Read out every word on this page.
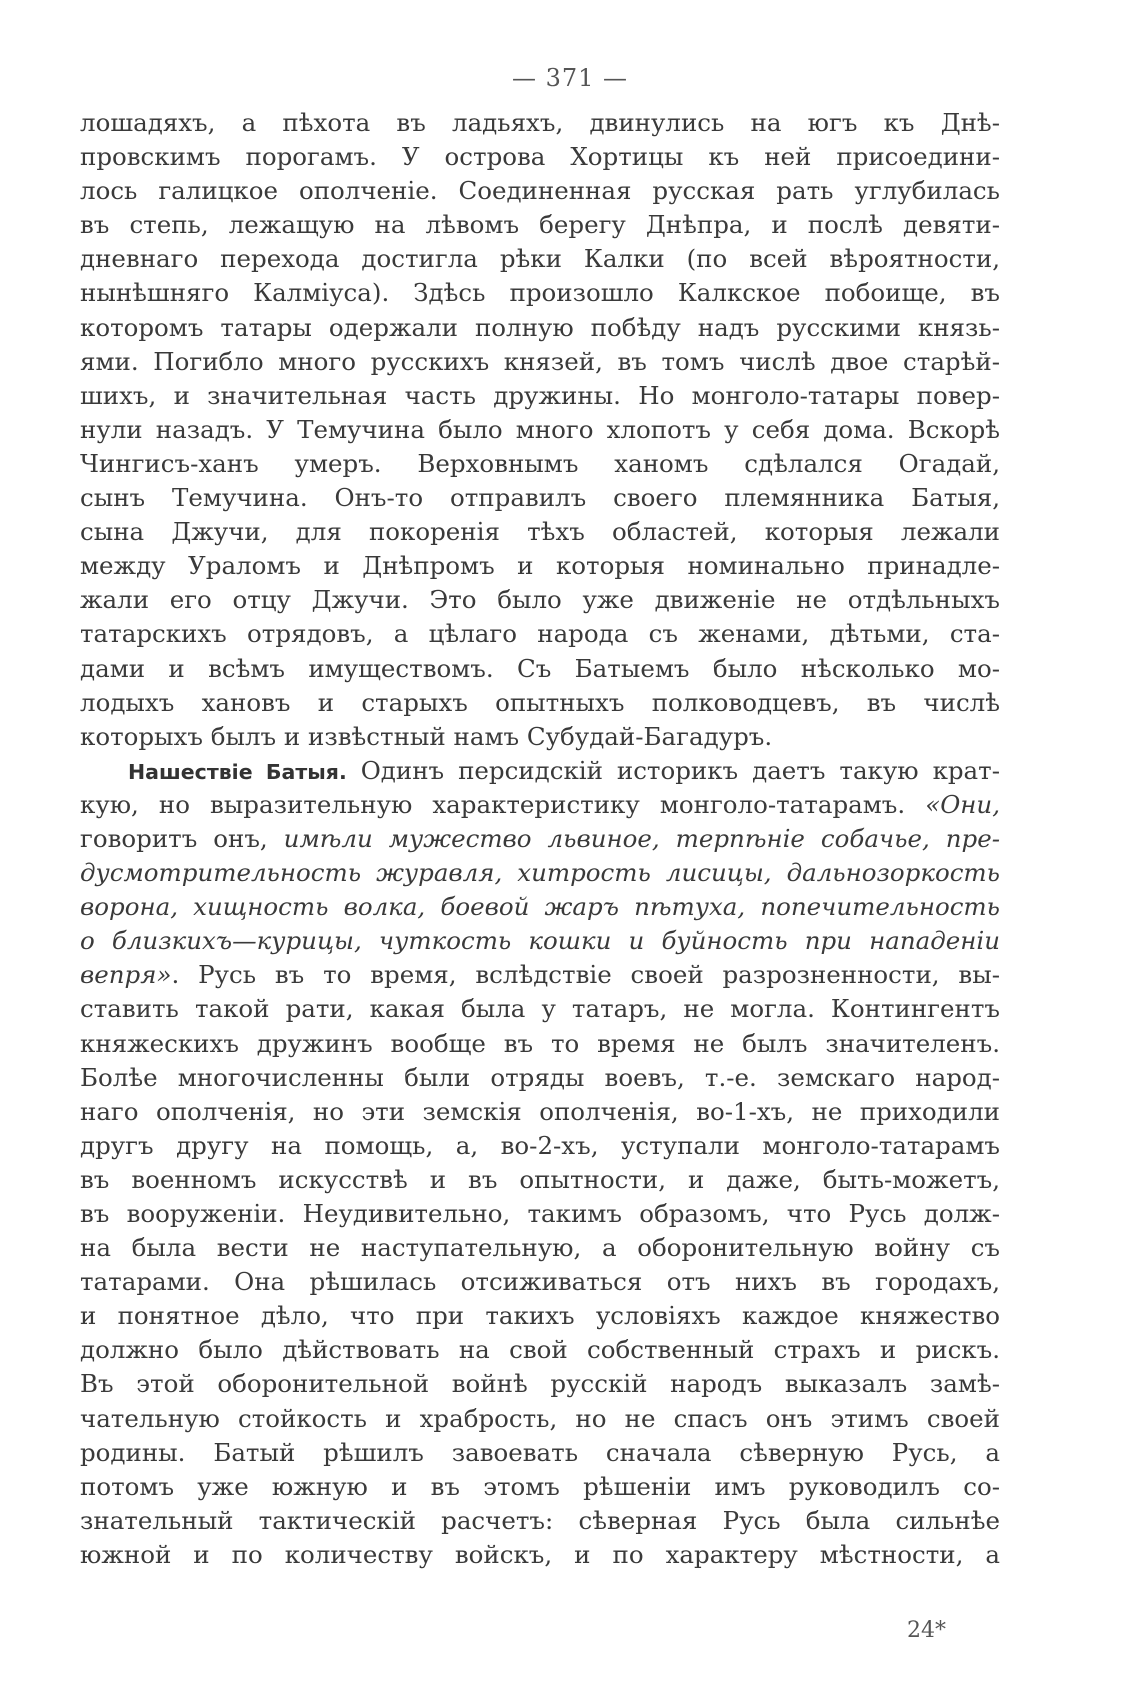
— 371 —
лошадяхъ, а пѣхота въ ладьяхъ, двинулись на югъ къ Днѣ-
провскимъ порогамъ. У острова Хортицы къ ней присоедини-
лось галицкое ополченіе. Соединенная русская рать углубилась
въ степь, лежащую на лѣвомъ берегу Днѣпра, и послѣ девяти-
дневнаго перехода достигла рѣки Калки (по всей вѣроятности,
нынѣшняго Калміуса). Здѣсь произошло Калкское побоище, въ
которомъ татары одержали полную побѣду надъ русскими князь-
ями. Погибло много русскихъ князей, въ томъ числѣ двое старѣй-
шихъ, и значительная часть дружины. Но монголо-татары повер-
нули назадъ. У Темучина было много хлопотъ у себя дома. Вскорѣ
Чингисъ-ханъ умеръ. Верховнымъ ханомъ сдѣлался Огадай,
сынъ Темучина. Онъ-то отправилъ своего племянника Батыя,
сына Джучи, для покоренія тѣхъ областей, которыя лежали
между Ураломъ и Днѣпромъ и которыя номинально принадле-
жали его отцу Джучи. Это было уже движеніе не отдѣльныхъ
татарскихъ отрядовъ, а цѣлаго народа съ женами, дѣтьми, ста-
дами и всѣмъ имуществомъ. Съ Батыемъ было нѣсколько мо-
лодыхъ хановъ и старыхъ опытныхъ полководцевъ, въ числѣ
которыхъ былъ и извѣстный намъ Субудай-Багадуръ.
Нашествіе Батыя. Одинъ персидскій историкъ даетъ такую крат-
кую, но выразительную характеристику монголо-татарамъ. «Они,
говоритъ онъ, имѣли мужество львиное, терпѣніе собачье, пре-
дусмотрительность журавля, хитрость лисицы, дальнозоркость
ворона, хищность волка, боевой жаръ пѣтуха, попечительность
о близкихъ—курицы, чуткость кошки и буйность при нападеніи
вепря». Русь въ то время, вслѣдствіе своей разрозненности, вы-
ставить такой рати, какая была у татаръ, не могла. Контингентъ
княжескихъ дружинъ вообще въ то время не былъ значителенъ.
Болѣе многочисленны были отряды воевъ, т.-е. земскаго народ-
наго ополченія, но эти земскія ополченія, во-1-хъ, не приходили
другъ другу на помощь, а, во-2-хъ, уступали монголо-татарамъ
въ военномъ искусствѣ и въ опытности, и даже, быть-можетъ,
въ вооруженіи. Неудивительно, такимъ образомъ, что Русь долж-
на была вести не наступательную, а оборонительную войну съ
татарами. Она рѣшилась отсиживаться отъ нихъ въ городахъ,
и понятное дѣло, что при такихъ условіяхъ каждое княжество
должно было дѣйствовать на свой собственный страхъ и рискъ.
Въ этой оборонительной войнѣ русскій народъ выказалъ замѣ-
чательную стойкость и храбрость, но не спасъ онъ этимъ своей
родины. Батый рѣшилъ завоевать сначала сѣверную Русь, а
потомъ уже южную и въ этомъ рѣшеніи имъ руководилъ со-
знательный тактическій расчетъ: сѣверная Русь была сильнѣе
южной и по количеству войскъ, и по характеру мѣстности, а
24*
